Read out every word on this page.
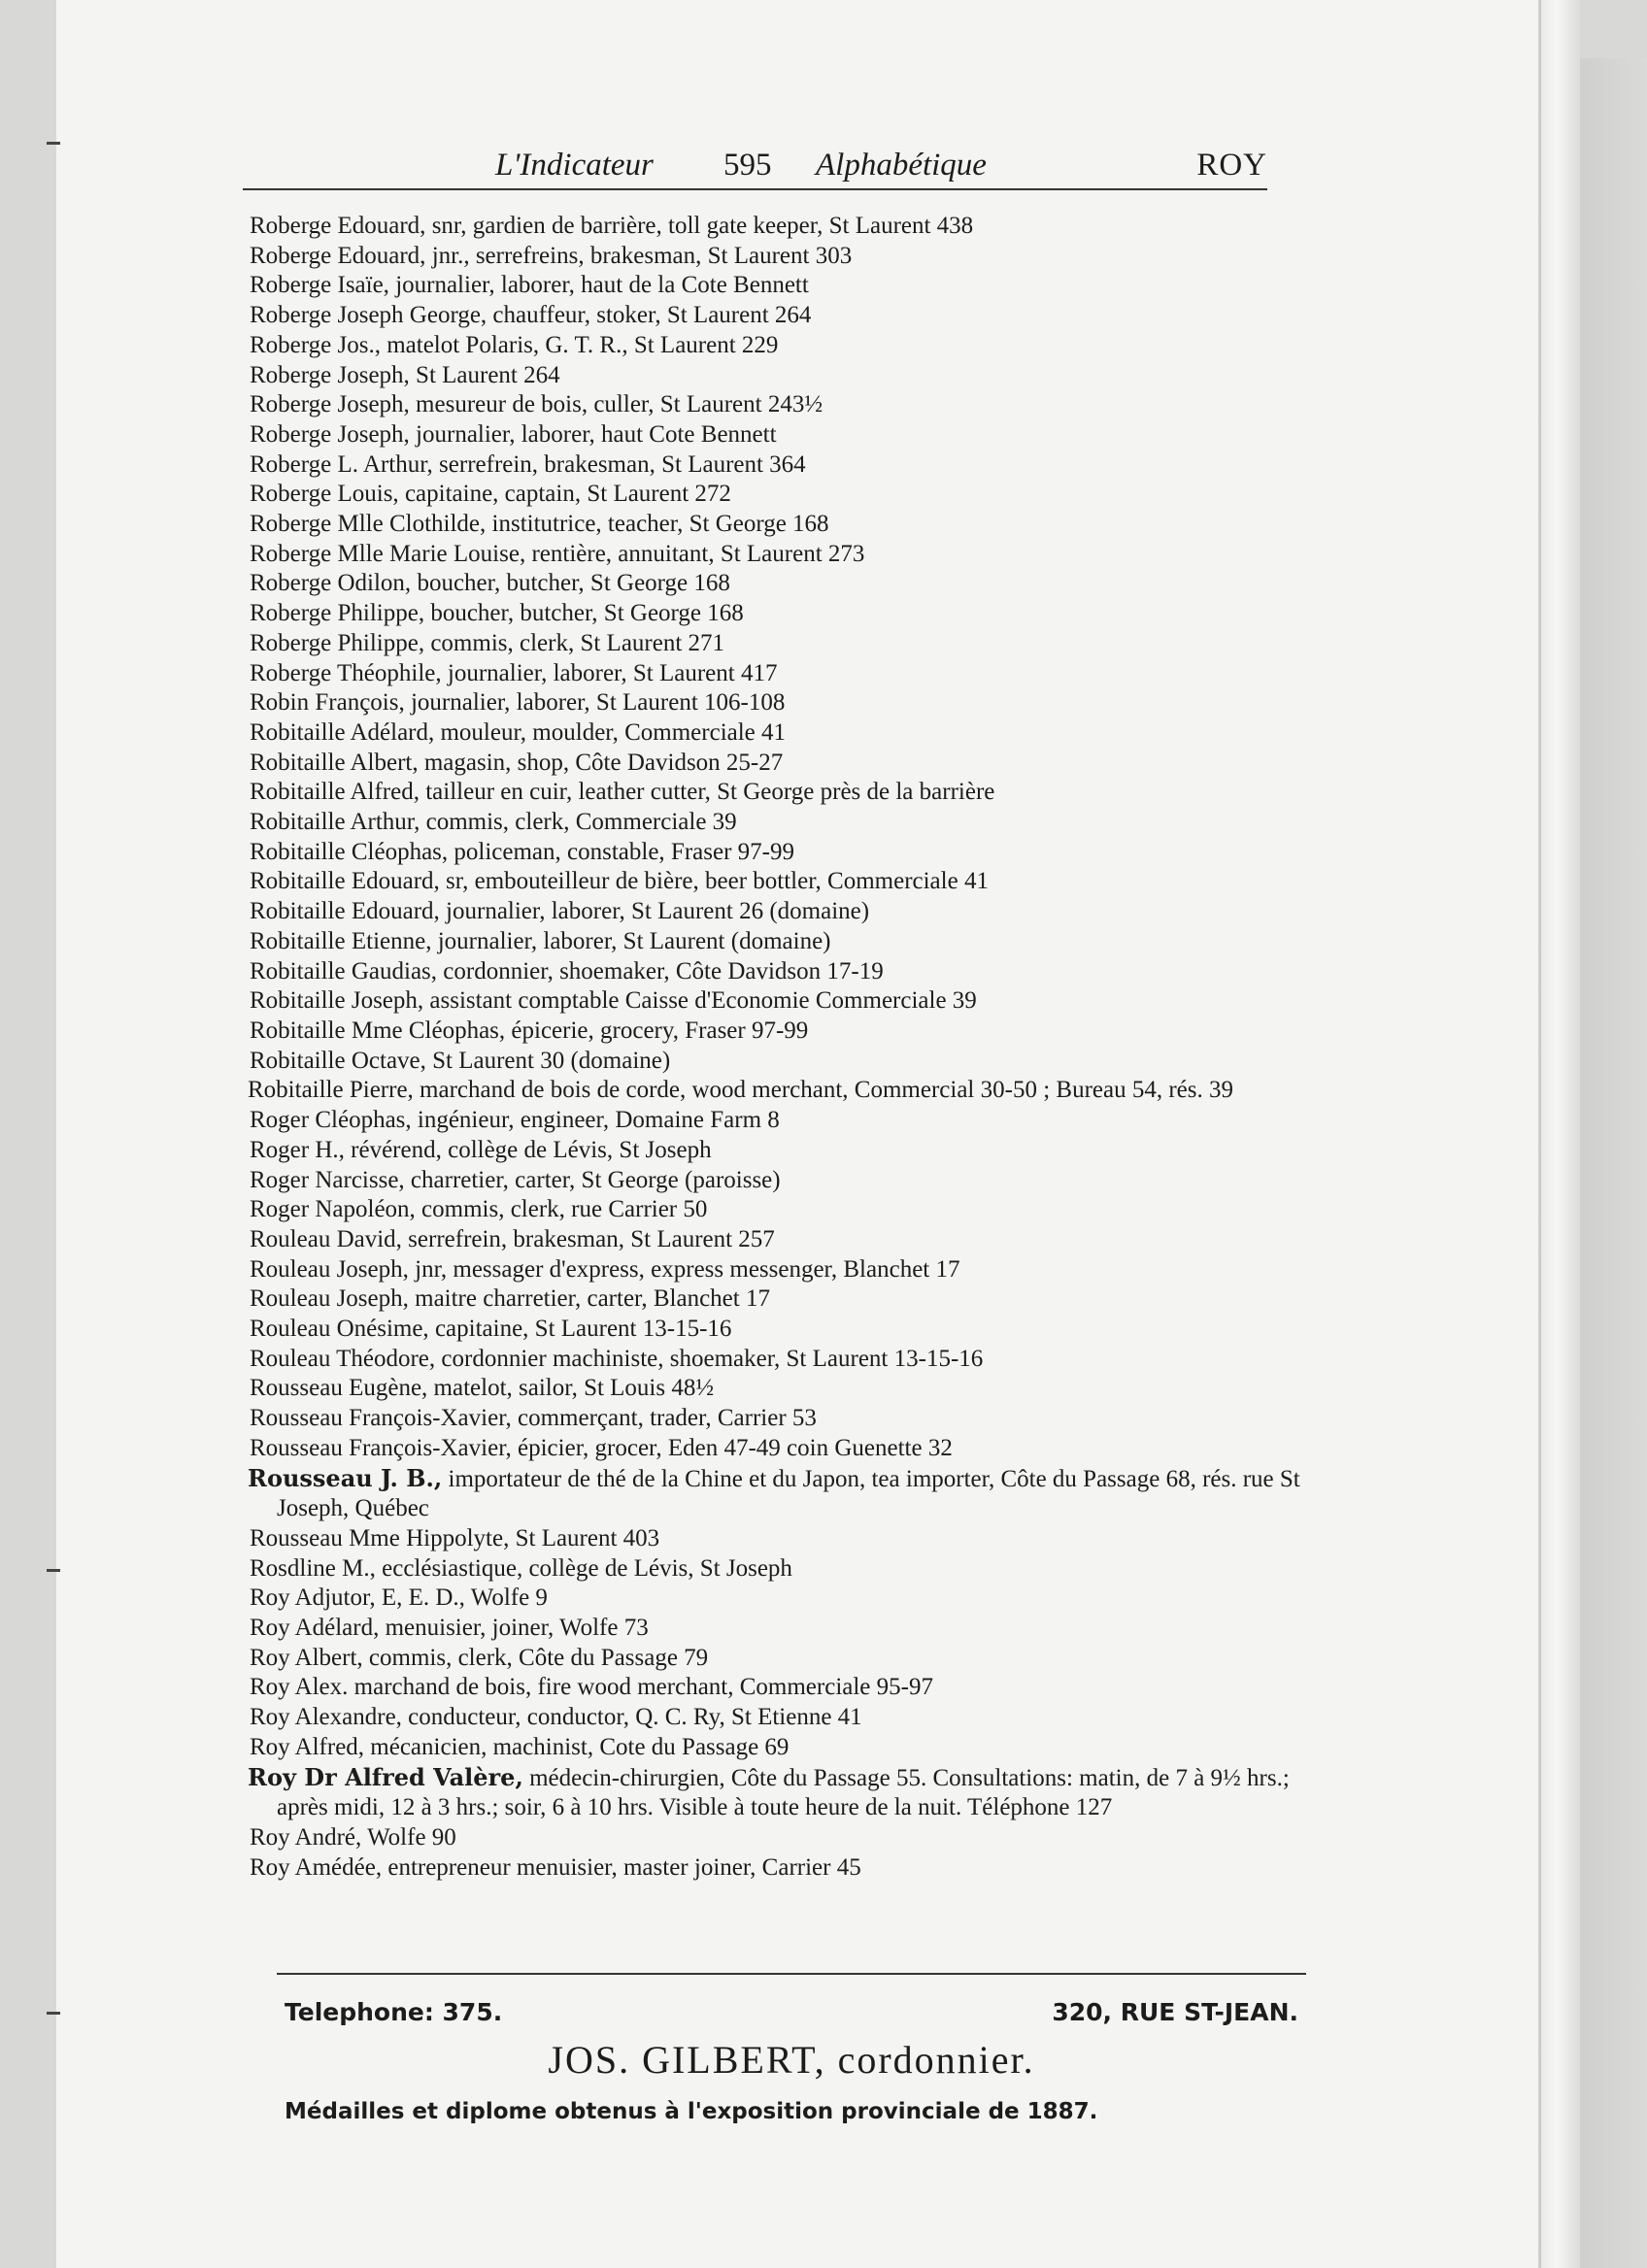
L'Indicateur 595 Alphabétique	ROY
Roberge Edouard, snr, gardien de barrière, toll gate keeper, St Laurent 438
Roberge Edouard, jnr., serrefreins, brakesman, St Laurent 303
Roberge Isaïe, journalier, laborer, haut de la Cote Bennett
Roberge Joseph George, chauffeur, stoker, St Laurent 264
Roberge Jos., matelot Polaris, G. T. R., St Laurent 229
Roberge Joseph, St Laurent 264
Roberge Joseph, mesureur de bois, culler, St Laurent 243½
Roberge Joseph, journalier, laborer, haut Cote Bennett
Roberge L. Arthur, serrefrein, brakesman, St Laurent 364
Roberge Louis, capitaine, captain, St Laurent 272
Roberge Mlle Clothilde, institutrice, teacher, St George 168
Roberge Mlle Marie Louise, rentière, annuitant, St Laurent 273
Roberge Odilon, boucher, butcher, St George 168
Roberge Philippe, boucher, butcher, St George 168
Roberge Philippe, commis, clerk, St Laurent 271
Roberge Théophile, journalier, laborer, St Laurent 417
Robin François, journalier, laborer, St Laurent 106-108
Robitaille Adélard, mouleur, moulder, Commerciale 41
Robitaille Albert, magasin, shop, Côte Davidson 25-27
Robitaille Alfred, tailleur en cuir, leather cutter, St George près de la barrière
Robitaille Arthur, commis, clerk, Commerciale 39
Robitaille Cléophas, policeman, constable, Fraser 97-99
Robitaille Edouard, sr, embouteilleur de bière, beer bottler, Commerciale 41
Robitaille Edouard, journalier, laborer, St Laurent 26 (domaine)
Robitaille Etienne, journalier, laborer, St Laurent (domaine)
Robitaille Gaudias, cordonnier, shoemaker, Côte Davidson 17-19
Robitaille Joseph, assistant comptable Caisse d'Economie Commerciale 39
Robitaille Mme Cléophas, épicerie, grocery, Fraser 97-99
Robitaille Octave, St Laurent 30 (domaine)
Robitaille Pierre, marchand de bois de corde, wood merchant, Commercial 30-50 ; Bureau 54, rés. 39
Roger Cléophas, ingénieur, engineer, Domaine Farm 8
Roger H., révérend, collège de Lévis, St Joseph
Roger Narcisse, charretier, carter, St George (paroisse)
Roger Napoléon, commis, clerk, rue Carrier 50
Rouleau David, serrefrein, brakesman, St Laurent 257
Rouleau Joseph, jnr, messager d'express, express messenger, Blanchet 17
Rouleau Joseph, maitre charretier, carter, Blanchet 17
Rouleau Onésime, capitaine, St Laurent 13-15-16
Rouleau Théodore, cordonnier machiniste, shoemaker, St Laurent 13-15-16
Rousseau Eugène, matelot, sailor, St Louis 48½
Rousseau François-Xavier, commerçant, trader, Carrier 53
Rousseau François-Xavier, épicier, grocer, Eden 47-49 coin Guenette 32
Rousseau J. B., importateur de thé de la Chine et du Japon, tea importer, Côte du Passage 68, rés. rue St Joseph, Québec
Rousseau Mme Hippolyte, St Laurent 403
Rosdline M., ecclésiastique, collège de Lévis, St Joseph
Roy Adjutor, E, E. D., Wolfe 9
Roy Adélard, menuisier, joiner, Wolfe 73
Roy Albert, commis, clerk, Côte du Passage 79
Roy Alex. marchand de bois, fire wood merchant, Commerciale 95-97
Roy Alexandre, conducteur, conductor, Q. C. Ry, St Etienne 41
Roy Alfred, mécanicien, machinist, Cote du Passage 69
Roy Dr Alfred Valère, médecin-chirurgien, Côte du Passage 55. Consultations: matin, de 7 à 9½ hrs.; après midi, 12 à 3 hrs.; soir, 6 à 10 hrs. Visible à toute heure de la nuit. Téléphone 127
Roy André, Wolfe 90
Roy Amédée, entrepreneur menuisier, master joiner, Carrier 45
Telephone: 375.	320, RUE ST-JEAN.
JOS. GILBERT, cordonnier.
Médailles et diplome obtenus à l'exposition provinciale de 1887.
